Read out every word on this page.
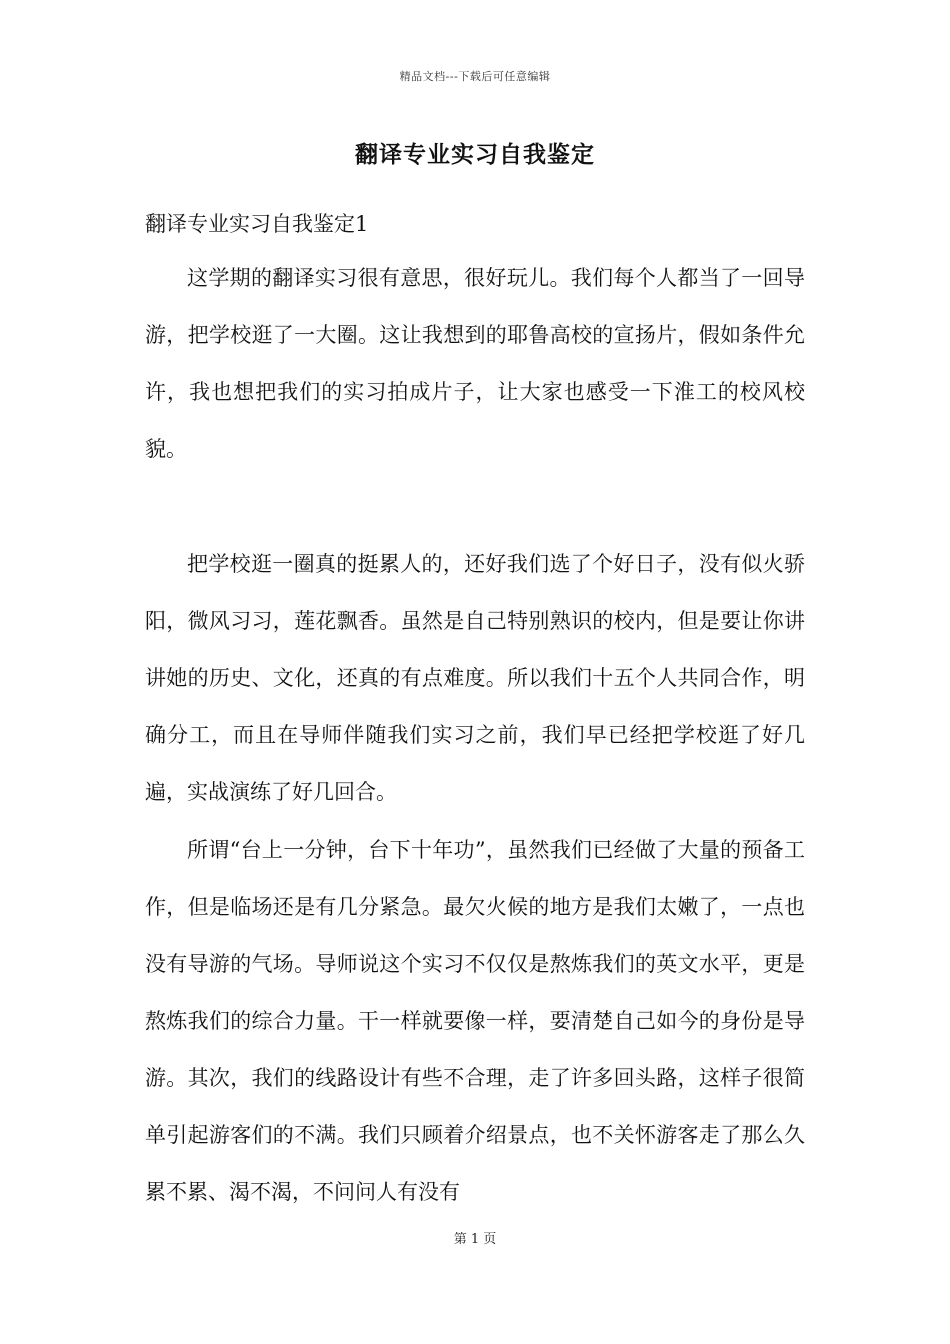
精品文档---下载后可任意编辑
翻译专业实习自我鉴定
翻译专业实习自我鉴定1

这学期的翻译实习很有意思，很好玩儿。我们每个人都当了一回导游，把学校逛了一大圈。这让我想到的耶鲁高校的宣扬片，假如条件允许，我也想把我们的实习拍成片子，让大家也感受一下淮工的校风校貌。

把学校逛一圈真的挺累人的，还好我们选了个好日子，没有似火骄阳，微风习习，莲花飘香。虽然是自己特别熟识的校内，但是要让你讲讲她的历史、文化，还真的有点难度。所以我们十五个人共同合作，明确分工，而且在导师伴随我们实习之前，我们早已经把学校逛了好几遍，实战演练了好几回合。

所谓“台上一分钟，台下十年功”，虽然我们已经做了大量的预备工作，但是临场还是有几分紧急。最欠火候的地方是我们太嫩了，一点也没有导游的气场。导师说这个实习不仅仅是熬炼我们的英文水平，更是熬炼我们的综合力量。干一样就要像一样，要清楚自己如今的身份是导游。其次，我们的线路设计有些不合理，走了许多回头路，这样子很简单引起游客们的不满。我们只顾着介绍景点，也不关怀游客走了那么久累不累、渴不渴，不问问人有没有

第 1 页
